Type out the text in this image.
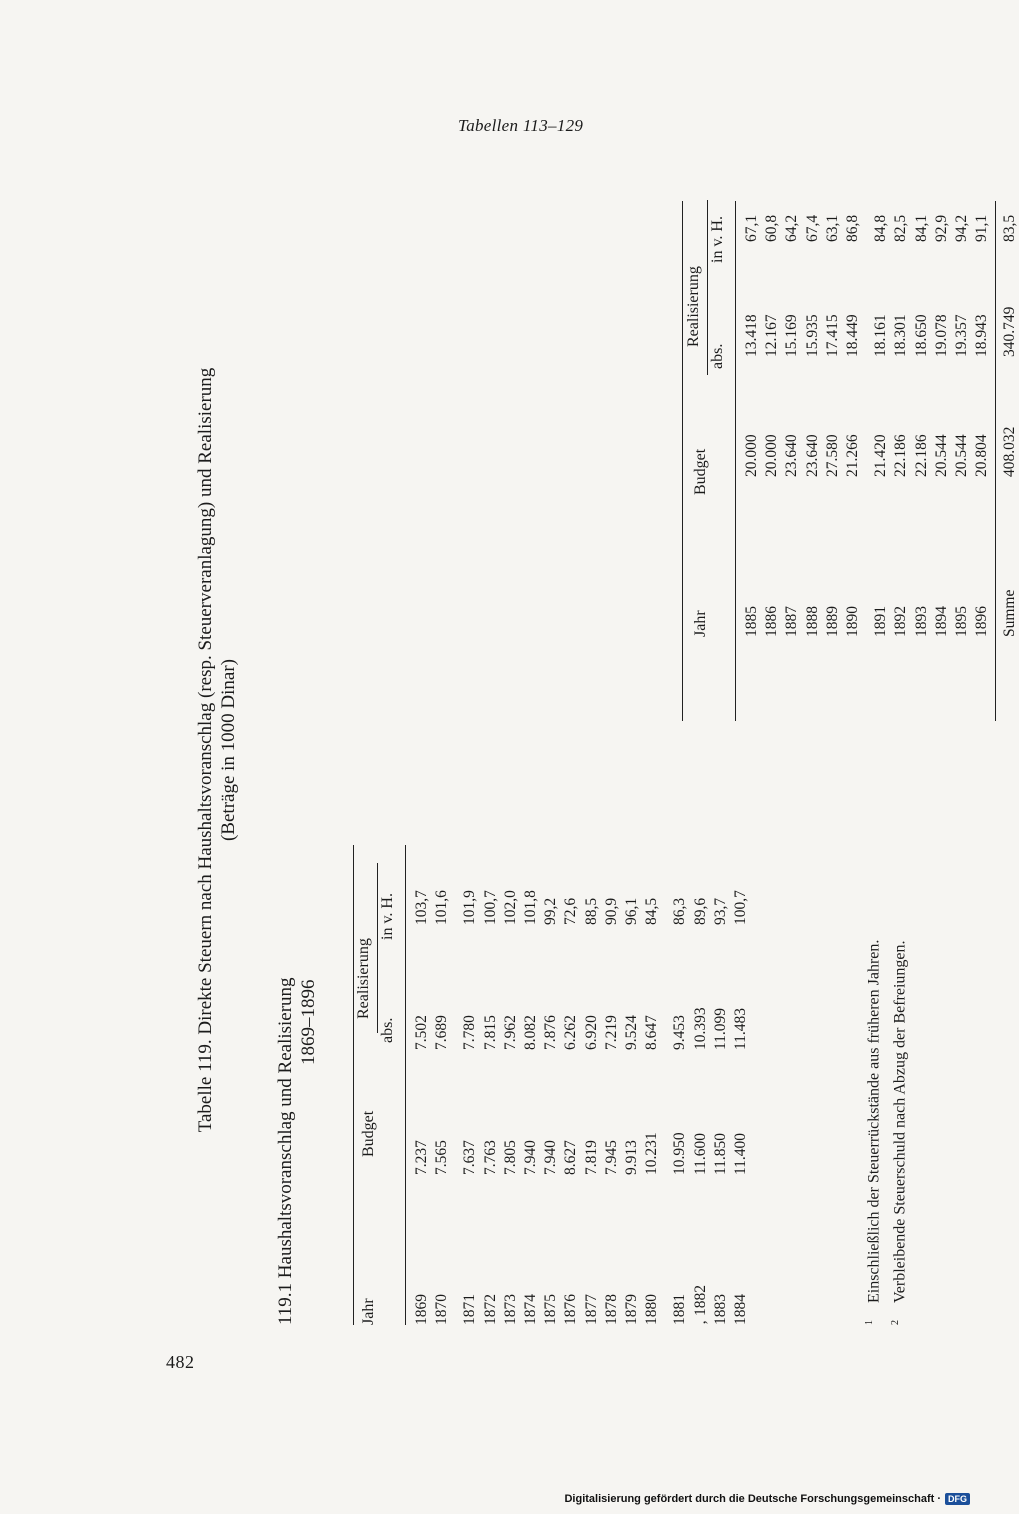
Tabellen 113–129
482
Tabelle 119. Direkte Steuern nach Haushaltsvoranschlag (resp. Steuerveranlagung) und Realisierung (Beträge in 1000 Dinar)
119.1 Haushaltsvoranschlag und Realisierung 1869–1896
Jahr
Budget
Realisierung
abs.
in v. H.
1869
7.237
7.502
103,7
1870
7.565
7.689
101,6
1871
7.637
7.780
101,9
1872
7.763
7.815
100,7
1873
7.805
7.962
102,0
1874
7.940
8.082
101,8
1875
7.940
7.876
99,2
1876
8.627
6.262
72,6
1877
7.819
6.920
88,5
1878
7.945
7.219
90,9
1879
9.913
9.524
96,1
1880
10.231
8.647
84,5
1881
10.950
9.453
86,3
‚ 1882
11.600
10.393
89,6
1883
11.850
11.099
93,7
1884
11.400
11.483
100,7
Jahr
Budget
Realisierung
abs.
in v. H.
1885
20.000
13.418
67,1
1886
20.000
12.167
60,8
1887
23.640
15.169
64,2
1888
23.640
15.935
67,4
1889
27.580
17.415
63,1
1890
21.266
18.449
86,8
1891
21.420
18.161
84,8
1892
22.186
18.301
82,5
1893
22.186
18.650
84,1
1894
20.544
19.078
92,9
1895
20.544
19.357
94,2
1896
20.804
18.943
91,1
Summe
408.032
340.749
83,5
$^1$Einschließlich der Steuerrückstände aus früheren Jahren.
$^2$Verbleibende Steuerschuld nach Abzug der Befreiungen.
Digitalisierung gefördert durch die Deutsche Forschungsgemeinschaft · DFG
